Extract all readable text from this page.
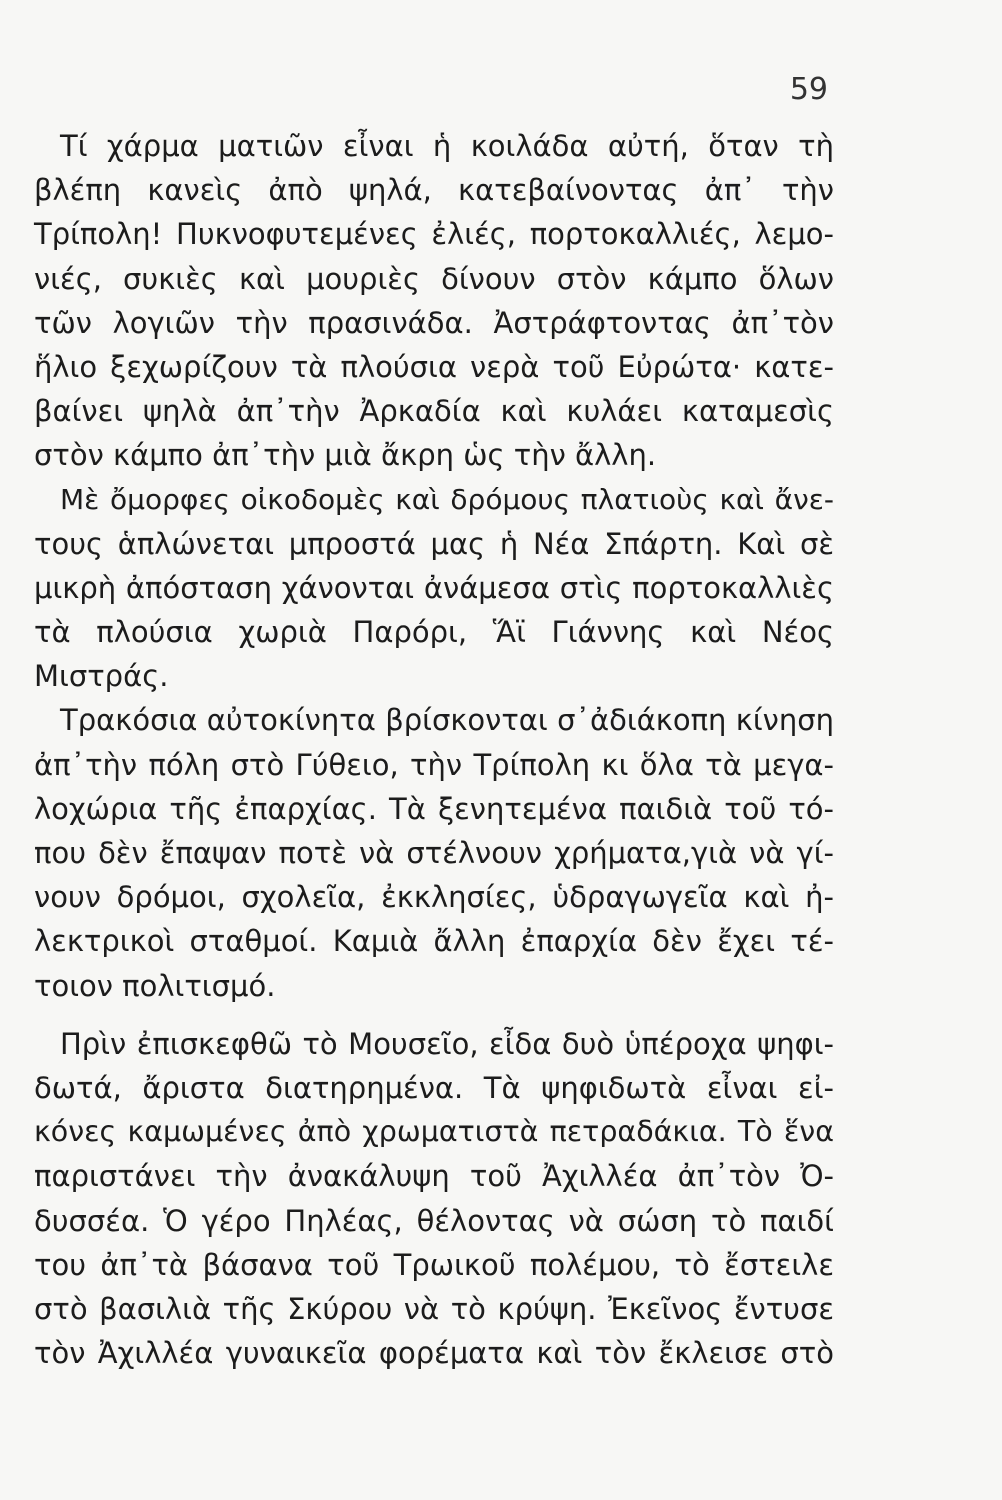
59
Τί χάρμα ματιῶν εἶναι ἡ κοιλάδα αὐτή, ὅταν τὴ
βλέπη κανεὶς ἀπὸ ψηλά, κατεβαίνοντας ἀπ᾽ τὴν
Τρίπολη! Πυκνοφυτεμένες ἐλιές, πορτοκαλλιές, λεμο-
νιές, συκιὲς καὶ μουριὲς δίνουν στὸν κάμπο ὅλων
τῶν λογιῶν τὴν πρασινάδα. Ἀστράφτοντας ἀπ᾽τὸν
ἥλιο ξεχωρίζουν τὰ πλούσια νερὰ τοῦ Εὐρώτα· κατε-
βαίνει ψηλὰ ἀπ᾽τὴν Ἀρκαδία καὶ κυλάει καταμεσὶς
στὸν κάμπο ἀπ᾽τὴν μιὰ ἄκρη ὡς τὴν ἄλλη.
Μὲ ὄμορφες οἰκοδομὲς καὶ δρόμους πλατιοὺς καὶ ἄνε-
τους ἁπλώνεται μπροστά μας ἡ Νέα Σπάρτη. Καὶ σὲ
μικρὴ ἀπόσταση χάνονται ἀνάμεσα στὶς πορτοκαλλιὲς
τὰ πλούσια χωριὰ Παρόρι, Ἅϊ Γιάννης καὶ Νέος
Μιστράς.
Τρακόσια αὐτοκίνητα βρίσκονται σ᾽ἀδιάκοπη κίνηση
ἀπ᾽τὴν πόλη στὸ Γύθειο, τὴν Τρίπολη κι ὅλα τὰ μεγα-
λοχώρια τῆς ἐπαρχίας. Τὰ ξενητεμένα παιδιὰ τοῦ τό-
που δὲν ἔπαψαν ποτὲ νὰ στέλνουν χρήματα,γιὰ νὰ γί-
νουν δρόμοι, σχολεῖα, ἐκκλησίες, ὑδραγωγεῖα καὶ ἠ-
λεκτρικοὶ σταθμοί. Καμιὰ ἄλλη ἐπαρχία δὲν ἔχει τέ-
τοιον πολιτισμό.
Πρὶν ἐπισκεφθῶ τὸ Μουσεῖο, εἶδα δυὸ ὑπέροχα ψηφι-
δωτά, ἄριστα διατηρημένα. Τὰ ψηφιδωτὰ εἶναι εἰ-
κόνες καμωμένες ἀπὸ χρωματιστὰ πετραδάκια. Τὸ ἕνα
παριστάνει τὴν ἀνακάλυψη τοῦ Ἀχιλλέα ἀπ᾽τὸν Ὀ-
δυσσέα. Ὁ γέρο Πηλέας, θέλοντας νὰ σώση τὸ παιδί
του ἀπ᾽τὰ βάσανα τοῦ Τρωικοῦ πολέμου, τὸ ἔστειλε
στὸ βασιλιὰ τῆς Σκύρου νὰ τὸ κρύψη. Ἐκεῖνος ἔντυσε
τὸν Ἀχιλλέα γυναικεῖα φορέματα καὶ τὸν ἔκλεισε στὸ
